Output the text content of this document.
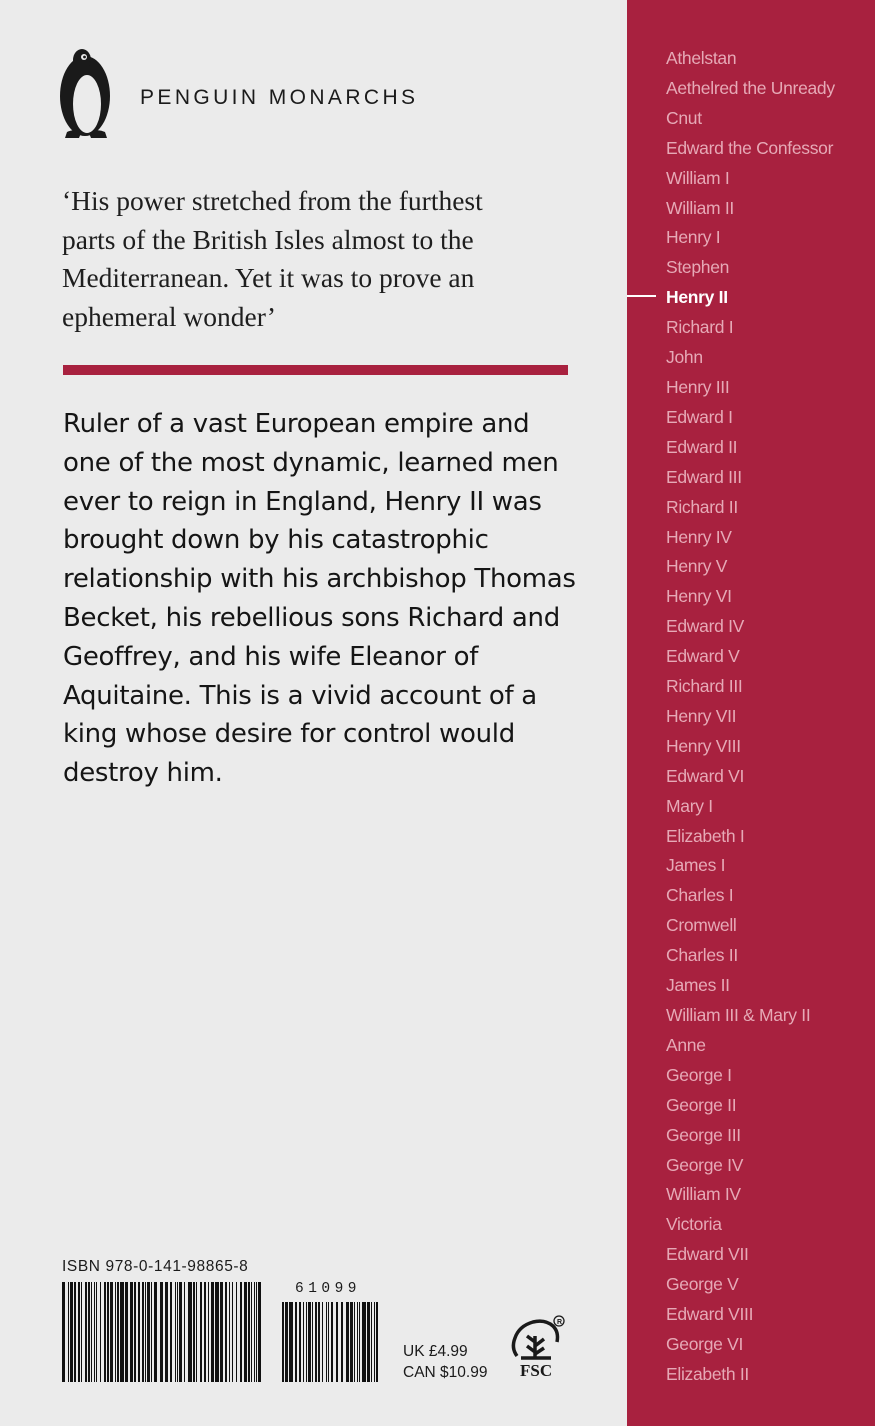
PENGUIN MONARCHS
‘His power stretched from the furthest
parts of the British Isles almost to the
Mediterranean. Yet it was to prove an
ephemeral wonder’
Ruler of a vast European empire and
one of the most dynamic, learned men
ever to reign in England, Henry II was
brought down by his catastrophic
relationship with his archbishop Thomas
Becket, his rebellious sons Richard and
Geoffrey, and his wife Eleanor of
Aquitaine. This is a vivid account of a
king whose desire for control would
destroy him.
ISBN 978-0-141-98865-8
61099
UK £4.99
CAN $10.99
R
FSC
Athelstan
Aethelred the Unready
Cnut
Edward the Confessor
William I
William II
Henry I
Stephen
Henry II
Richard I
John
Henry III
Edward I
Edward II
Edward III
Richard II
Henry IV
Henry V
Henry VI
Edward IV
Edward V
Richard III
Henry VII
Henry VIII
Edward VI
Mary I
Elizabeth I
James I
Charles I
Cromwell
Charles II
James II
William III & Mary II
Anne
George I
George II
George III
George IV
William IV
Victoria
Edward VII
George V
Edward VIII
George VI
Elizabeth II
